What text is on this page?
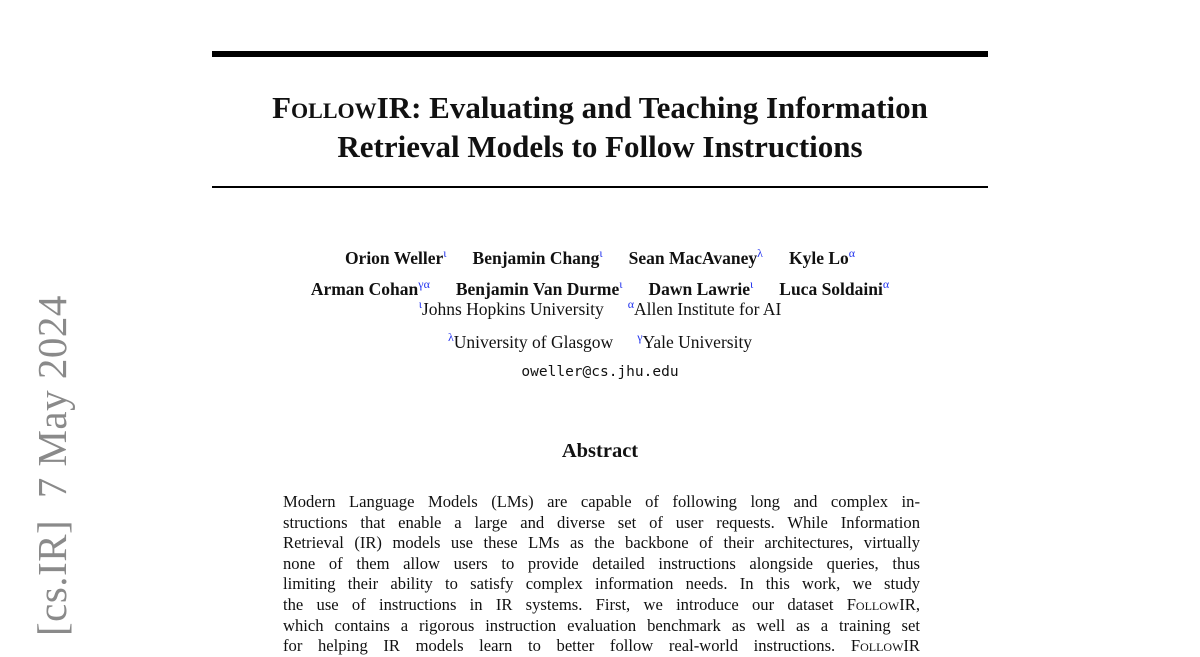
[cs.IR]  7 May 2024
FollowIR: Evaluating and Teaching Information
Retrieval Models to Follow Instructions
Orion Weller$^\iota$ Benjamin Chang$^\iota$ Sean MacAvaney$^\lambda$ Kyle $Lo^\alpha$
Arman Cohan$^{\gamma\alpha}$ Benjamin Van Durme$^\iota$ Dawn Lawrie$^\iota$ Luca Soldaini$^\alpha$
$^\iota$Johns Hopkins University $^\alpha$Allen Institute for AI
$^\lambda$University of Glasgow $^\gamma$Yale University
oweller@cs.jhu.edu
Abstract
Modern Language Models (LMs) are capable of following long and complex in-
structions that enable a large and diverse set of user requests. While Information
Retrieval (IR) models use these LMs as the backbone of their architectures, virtually
none of them allow users to provide detailed instructions alongside queries, thus
limiting their ability to satisfy complex information needs. In this work, we study
the use of instructions in IR systems. First, we introduce our dataset FollowIR,
which contains a rigorous instruction evaluation benchmark as well as a training set
for helping IR models learn to better follow real-world instructions. FollowIR
